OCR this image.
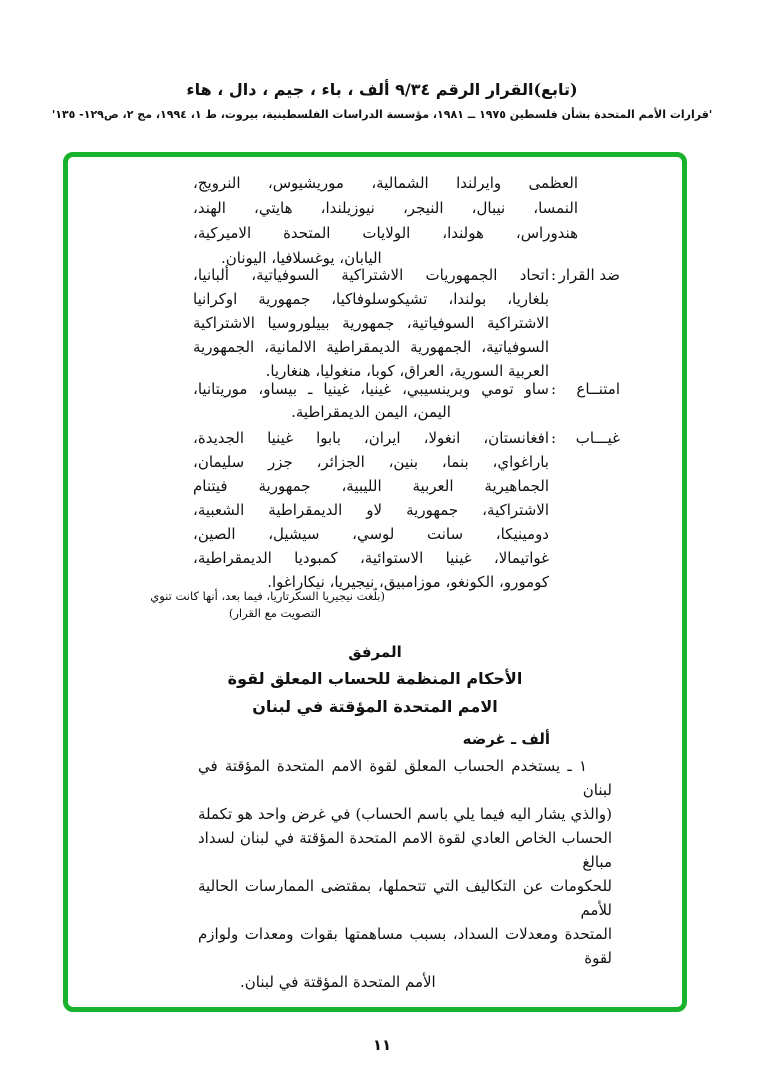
(تابع)القرار الرقم ٩/٣٤ ألف ، باء ، جيم ، دال ، هاء
'قرارات الأمم المتحدة بشأن فلسطين ١٩٧٥ ــ ١٩٨١، مؤسسة الدراسات الفلسطينية، بيروت، ط ١، ١٩٩٤، مج ٢، ص١٢٩- ١٣٥'
العظمى وايرلندا الشمالية، موريشيوس، النرويج،
النمسا، نيبال، النيجر، نيوزيلندا، هايتي، الهند،
هندوراس، هولندا، الولايات المتحدة الاميركية،
اليابان، يوغسلافيا، اليونان.
ضد القرار
:
اتحاد الجمهوريات الاشتراكية السوفياتية، ألبانيا،
بلغاريا، بولندا، تشيكوسلوفاكيا، جمهورية اوكرانيا
الاشتراكية السوفياتية، جمهورية بييلوروسيا الاشتراكية
السوفياتية، الجمهورية الديمقراطية الالمانية، الجمهورية
العربية السورية، العراق، كوبا، منغوليا، هنغاريا.
امتنــاع
:
ساو تومي وبرينسيبي، غينيا، غينيا ـ بيساو، موريتانيا،
اليمن، اليمن الديمقراطية.
غيـــاب
:
افغانستان، انغولا، ايران، بابوا غينيا الجديدة،
باراغواي، بنما، بنين، الجزائر، جزر سليمان،
الجماهيرية العربية الليبية، جمهورية فيتنام
الاشتراكية، جمهورية لاو الديمقراطية الشعبية،
دومينيكا، سانت لوسي، سيشيل، الصين،
غواتيمالا، غينيا الاستوائية، كمبوديا الديمقراطية،
كومورو، الكونغو، موزامبيق، نيجيريا، نيكاراغوا.
(بلّغت نيجيريا السكرتاريا، فيما بعد، أنها كانت تنوي
التصويت مع القرار)
المرفق
الأحكام المنظمة للحساب المعلق لقوة
الامم المتحدة المؤقتة في لبنان
ألف ـ غرضه
١ ـ يستخدم الحساب المعلق لقوة الامم المتحدة المؤقتة في لبنان
(والذي يشار اليه فيما يلي باسم الحساب) في غرض واحد هو تكملة
الحساب الخاص العادي لقوة الامم المتحدة المؤقتة في لبنان لسداد مبالغ
للحكومات عن التكاليف التي تتحملها، بمقتضى الممارسات الحالية للأمم
المتحدة ومعدلات السداد، بسبب مساهمتها بقوات ومعدات ولوازم لقوة
الأمم المتحدة المؤقتة في لبنان.
١١
